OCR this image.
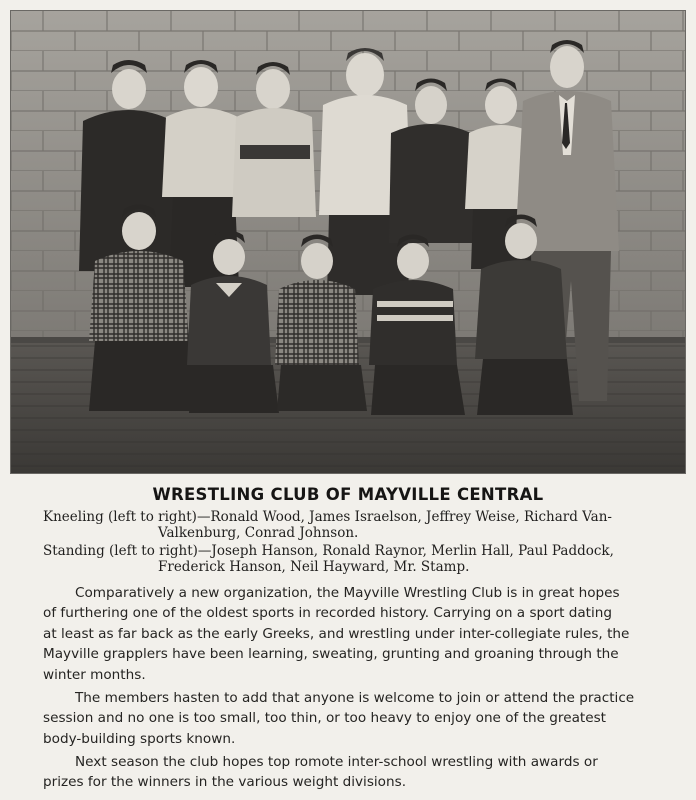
WRESTLING CLUB OF MAYVILLE CENTRAL

Kneeling (left to right)—Ronald Wood, James Israelson, Jeffrey Weise, Richard Van-
Valkenburg, Conrad Johnson.

Standing (left to right)—Joseph Hanson, Ronald Raynor, Merlin Hall, Paul Paddock,
Frederick Hanson, Neil Hayward, Mr. Stamp.

Comparatively a new organization, the Mayville Wrestling Club is in great hopes
of furthering one of the oldest sports in recorded history. Carrying on a sport dating
at least as far back as the early Greeks, and wrestling under inter-collegiate rules, the
Mayville grapplers have been learning, sweating, grunting and groaning through the
winter months.

The members hasten to add that anyone is welcome to join or attend the practice
session and no one is too small, too thin, or too heavy to enjoy one of the greatest
body-building sports known.

Next season the club hopes top romote inter-school wrestling with awards or
prizes for the winners in the various weight divisions.
